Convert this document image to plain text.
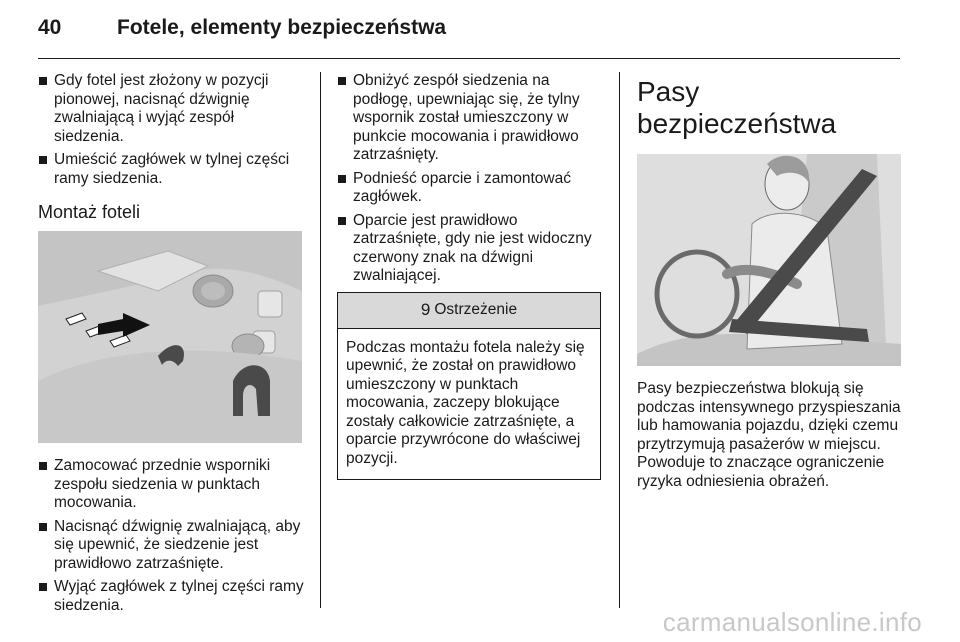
40	Fotele, elementy bezpieczeństwa
Gdy fotel jest złożony w pozycji pionowej, nacisnąć dźwignię zwalniającą i wyjąć zespół siedzenia.
Umieścić zagłówek w tylnej części ramy siedzenia.
Montaż foteli
Zamocować przednie wsporniki zespołu siedzenia w punktach mocowania.
Nacisnąć dźwignię zwalniającą, aby się upewnić, że siedzenie jest prawidłowo zatrzaśnięte.
Wyjąć zagłówek z tylnej części ramy siedzenia.
Obniżyć zespół siedzenia na podłogę, upewniając się, że tylny wspornik został umieszczony w punkcie mocowania i prawidłowo zatrzaśnięty.
Podnieść oparcie i zamontować zagłówek.
Oparcie jest prawidłowo zatrzaśnięte, gdy nie jest widoczny czerwony znak na dźwigni zwalniającej.
9 Ostrzeżenie
Podczas montażu fotela należy się upewnić, że został on prawidłowo umieszczony w punktach mocowania, zaczepy blokujące zostały całkowicie zatrzaśnięte, a oparcie przywrócone do właściwej pozycji.
Pasy bezpieczeństwa

Pasy bezpieczeństwa blokują się podczas intensywnego przyspieszania lub hamowania pojazdu, dzięki czemu przytrzymują pasażerów w miejscu. Powoduje to znaczące ograniczenie ryzyka odniesienia obrażeń.

carmanualsonline.info
